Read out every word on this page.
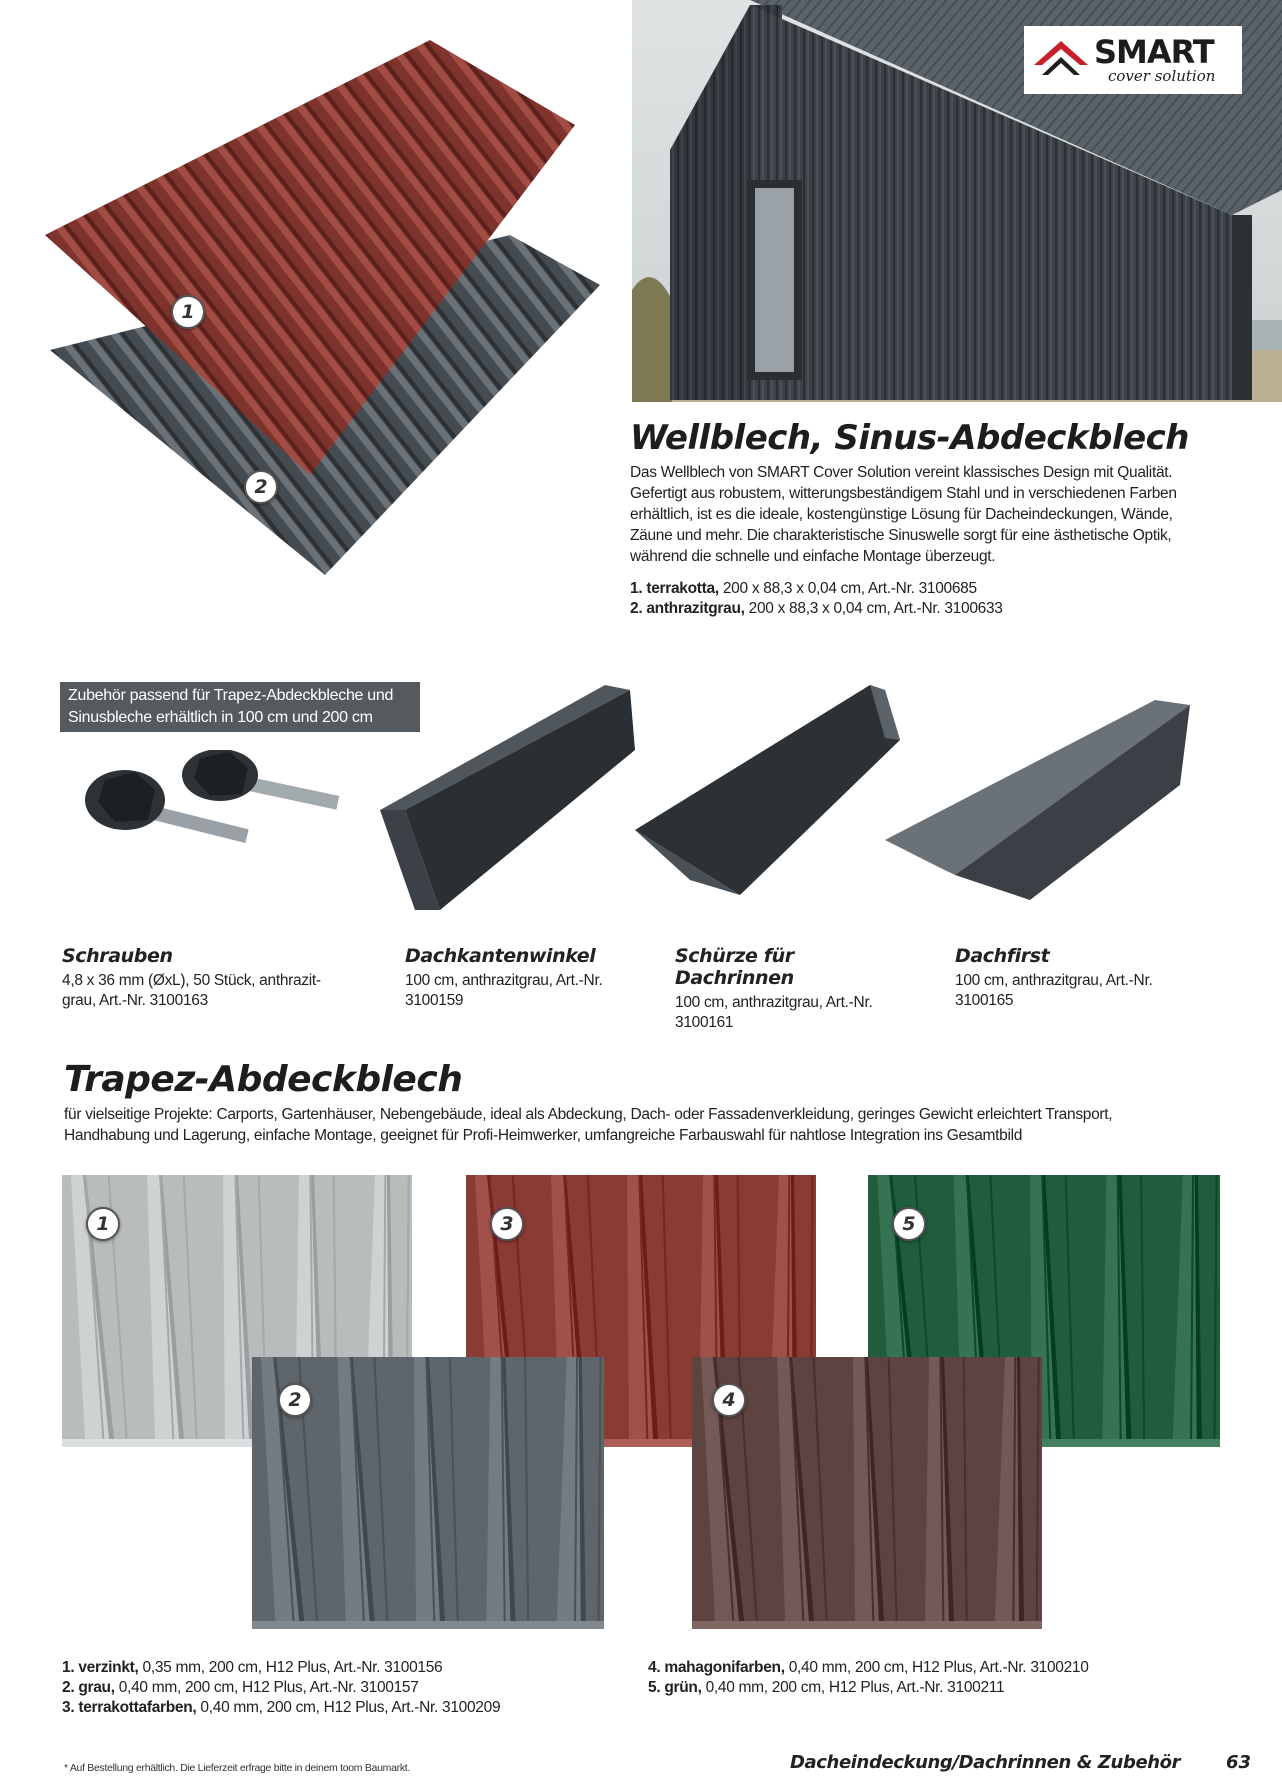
1
2
SMART
cover solution
Wellblech, Sinus-Abdeckblech

Das Wellblech von SMART Cover Solution vereint klassisches Design mit Qualität. Gefertigt aus robustem, witterungsbeständigem Stahl und in verschiedenen Farben erhältlich, ist es die ideale, kostengünstige Lösung für Dacheindeckungen, Wände, Zäune und mehr. Die charakteristische Sinuswelle sorgt für eine ästhetische Optik, während die schnelle und einfache Montage überzeugt.

1. terrakotta, 200 x 88,3 x 0,04 cm, Art.-Nr. 3100685
2. anthrazitgrau, 200 x 88,3 x 0,04 cm, Art.-Nr. 3100633
Zubehör passend für Trapez-Abdeckbleche und Sinusbleche erhältlich in 100 cm und 200 cm
Schrauben
4,8 x 36 mm (ØxL), 50 Stück, anthrazit-grau, Art.-Nr. 3100163
Dachkantenwinkel
100 cm, anthrazitgrau, Art.-Nr. 3100159
Schürze für Dachrinnen
100 cm, anthrazitgrau, Art.-Nr. 3100161
Dachfirst
100 cm, anthrazitgrau, Art.-Nr. 3100165
Trapez-Abdeckblech

für vielseitige Projekte: Carports, Gartenhäuser, Nebengebäude, ideal als Abdeckung, Dach- oder Fassadenverkleidung, geringes Gewicht erleichtert Transport, Handhabung und Lagerung, einfache Montage, geeignet für Profi-Heimwerker, umfangreiche Farbauswahl für nahtlose Integration ins Gesamtbild

1	3	5
2	4
1. verzinkt, 0,35 mm, 200 cm, H12 Plus, Art.-Nr. 3100156
2. grau, 0,40 mm, 200 cm, H12 Plus, Art.-Nr. 3100157
3. terrakottafarben, 0,40 mm, 200 cm, H12 Plus, Art.-Nr. 3100209
4. mahagonifarben, 0,40 mm, 200 cm, H12 Plus, Art.-Nr. 3100210
5. grün, 0,40 mm, 200 cm, H12 Plus, Art.-Nr. 3100211
* Auf Bestellung erhältlich. Die Lieferzeit erfrage bitte in deinem toom Baumarkt.	Dacheindeckung/Dachrinnen & Zubehör	63
